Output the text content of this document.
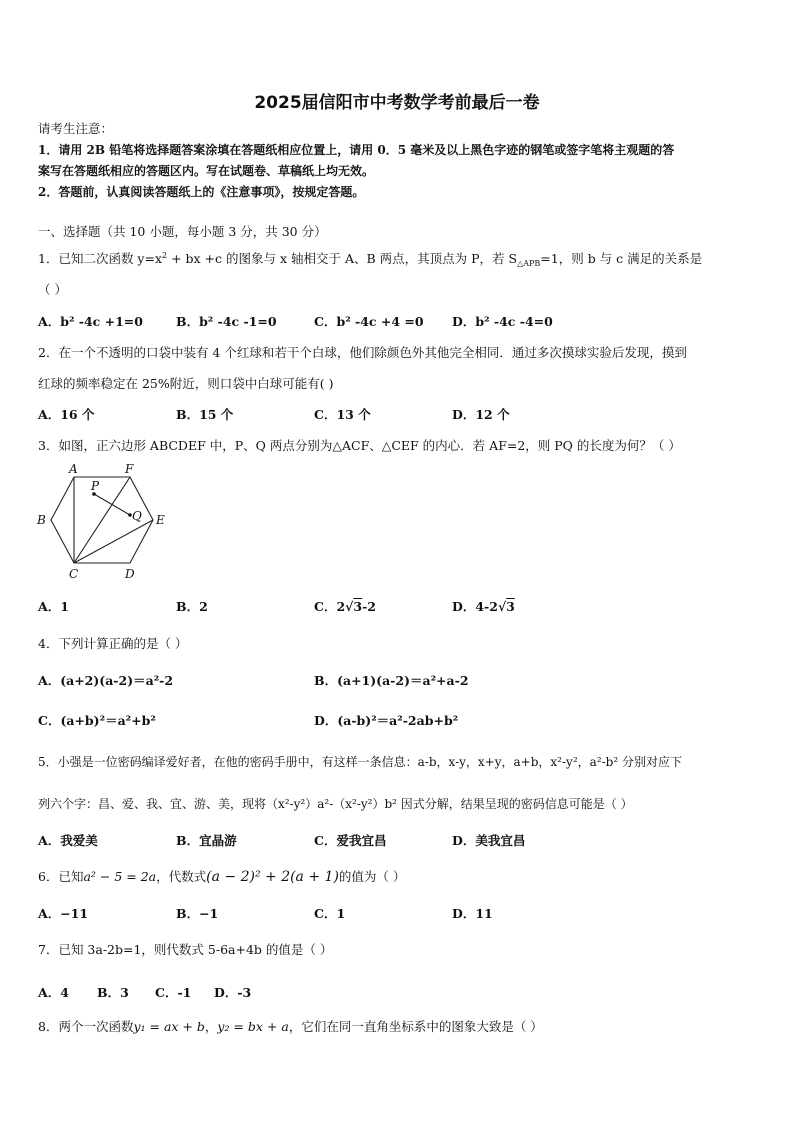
2025届信阳市中考数学考前最后一卷
请考生注意：
1．请用 2B 铅笔将选择题答案涂填在答题纸相应位置上，请用 0．5 毫米及以上黑色字迹的钢笔或签字笔将主观题的答
案写在答题纸相应的答题区内。写在试题卷、草稿纸上均无效。
2．答题前，认真阅读答题纸上的《注意事项》，按规定答题。
一、选择题（共 10 小题，每小题 3 分，共 30 分）
1．已知二次函数 $y=x^2$ + bx +c 的图象与 x 轴相交于 A、B 两点，其顶点为 P，若 $S_{\triangle APB}=1$，则 b 与 c 满足的关系是
（ ）
A．b² -4c +1=0	B．b² -4c -1=0	C．b² -4c +4 =0 D．b² -4c -4=0
2．在一个不透明的口袋中装有 4 个红球和若干个白球，他们除颜色外其他完全相同．通过多次摸球实验后发现，摸到
红球的频率稳定在 25%附近，则口袋中白球可能有( )
A．16 个	B．15 个	C．13 个	D．12 个
3．如图，正六边形 ABCDEF 中，P、Q 两点分别为△ACF、△CEF 的内心．若 AF=2，则 PQ 的长度为何？（ ）
A	F
B	E
C	D
P
Q
A．1	B．2	C．2√3-2	D．4-2√3
4．下列计算正确的是（ ）
A．(a+2)(a-2)＝a²-2	B．(a+1)(a-2)＝a²+a-2
C．(a+b)²＝a²+b²	D．(a-b)²＝a²-2ab+b²
5．小强是一位密码编译爱好者，在他的密码手册中，有这样一条信息：a-b，x-y，x+y，a+b，x²-y²，a²-b² 分别对应下
列六个字：昌、爱、我、宜、游、美，现将（x²-y²）a²-（x²-y²）b² 因式分解，结果呈现的密码信息可能是（ ）
A．我爱美	B．宜晶游	C．爱我宜昌	D．美我宜昌
6．已知a² − 5 = 2a，代数式(a − 2)² + 2(a + 1)的值为（ ）
A．−11	B．−1	C．1	D．11
7．已知 3a-2b=1，则代数式 5-6a+4b 的值是（ ）
A．4 B．3 C．-1 D．-3
8．两个一次函数y₁ = ax + b，y₂ = bx + a，它们在同一直角坐标系中的图象大致是（ ）
